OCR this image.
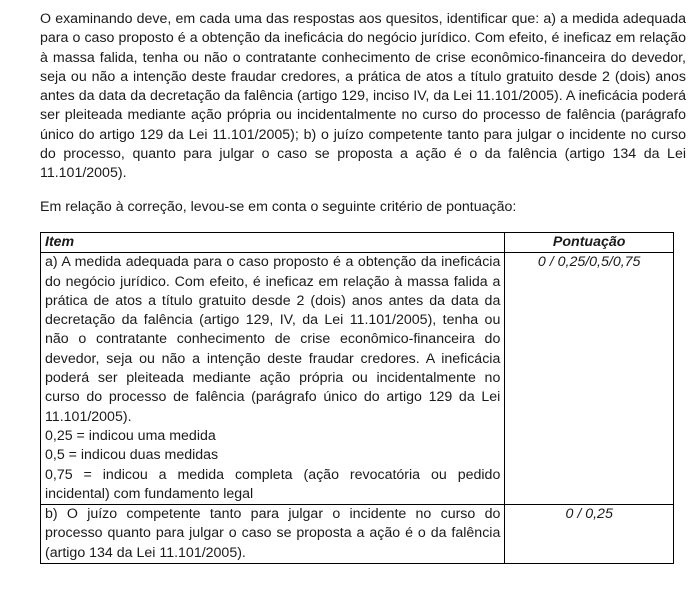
O examinando deve, em cada uma das respostas aos quesitos, identificar que: a) a medida adequada para o caso proposto é a obtenção da ineficácia do negócio jurídico. Com efeito, é ineficaz em relação à massa falida, tenha ou não o contratante conhecimento de crise econômico-financeira do devedor, seja ou não a intenção deste fraudar credores, a prática de atos a título gratuito desde 2 (dois) anos antes da data da decretação da falência (artigo 129, inciso IV, da Lei 11.101/2005). A ineficácia poderá ser pleiteada mediante ação própria ou incidentalmente no curso do processo de falência (parágrafo único do artigo 129 da Lei 11.101/2005); b) o juízo competente tanto para julgar o incidente no curso do processo, quanto para julgar o caso se proposta a ação é o da falência (artigo 134 da Lei 11.101/2005).

Em relação à correção, levou-se em conta o seguinte critério de pontuação:

Item	Pontuação

a) A medida adequada para o caso proposto é a obtenção da ineficácia do negócio jurídico. Com efeito, é ineficaz em relação à massa falida a prática de atos a título gratuito desde 2 (dois) anos antes da data da decretação da falência (artigo 129, IV, da Lei 11.101/2005), tenha ou não o contratante conhecimento de crise econômico-financeira do devedor, seja ou não a intenção deste fraudar credores. A ineficácia poderá ser pleiteada mediante ação própria ou incidentalmente no curso do processo de falência (parágrafo único do artigo 129 da Lei 11.101/2005).
0,25 = indicou uma medida
0,5 = indicou duas medidas
0,75 = indicou a medida completa (ação revocatória ou pedido incidental) com fundamento legal	0 / 0,25/0,5/0,75

b) O juízo competente tanto para julgar o incidente no curso do processo quanto para julgar o caso se proposta a ação é o da falência (artigo 134 da Lei 11.101/2005).	0 / 0,25
